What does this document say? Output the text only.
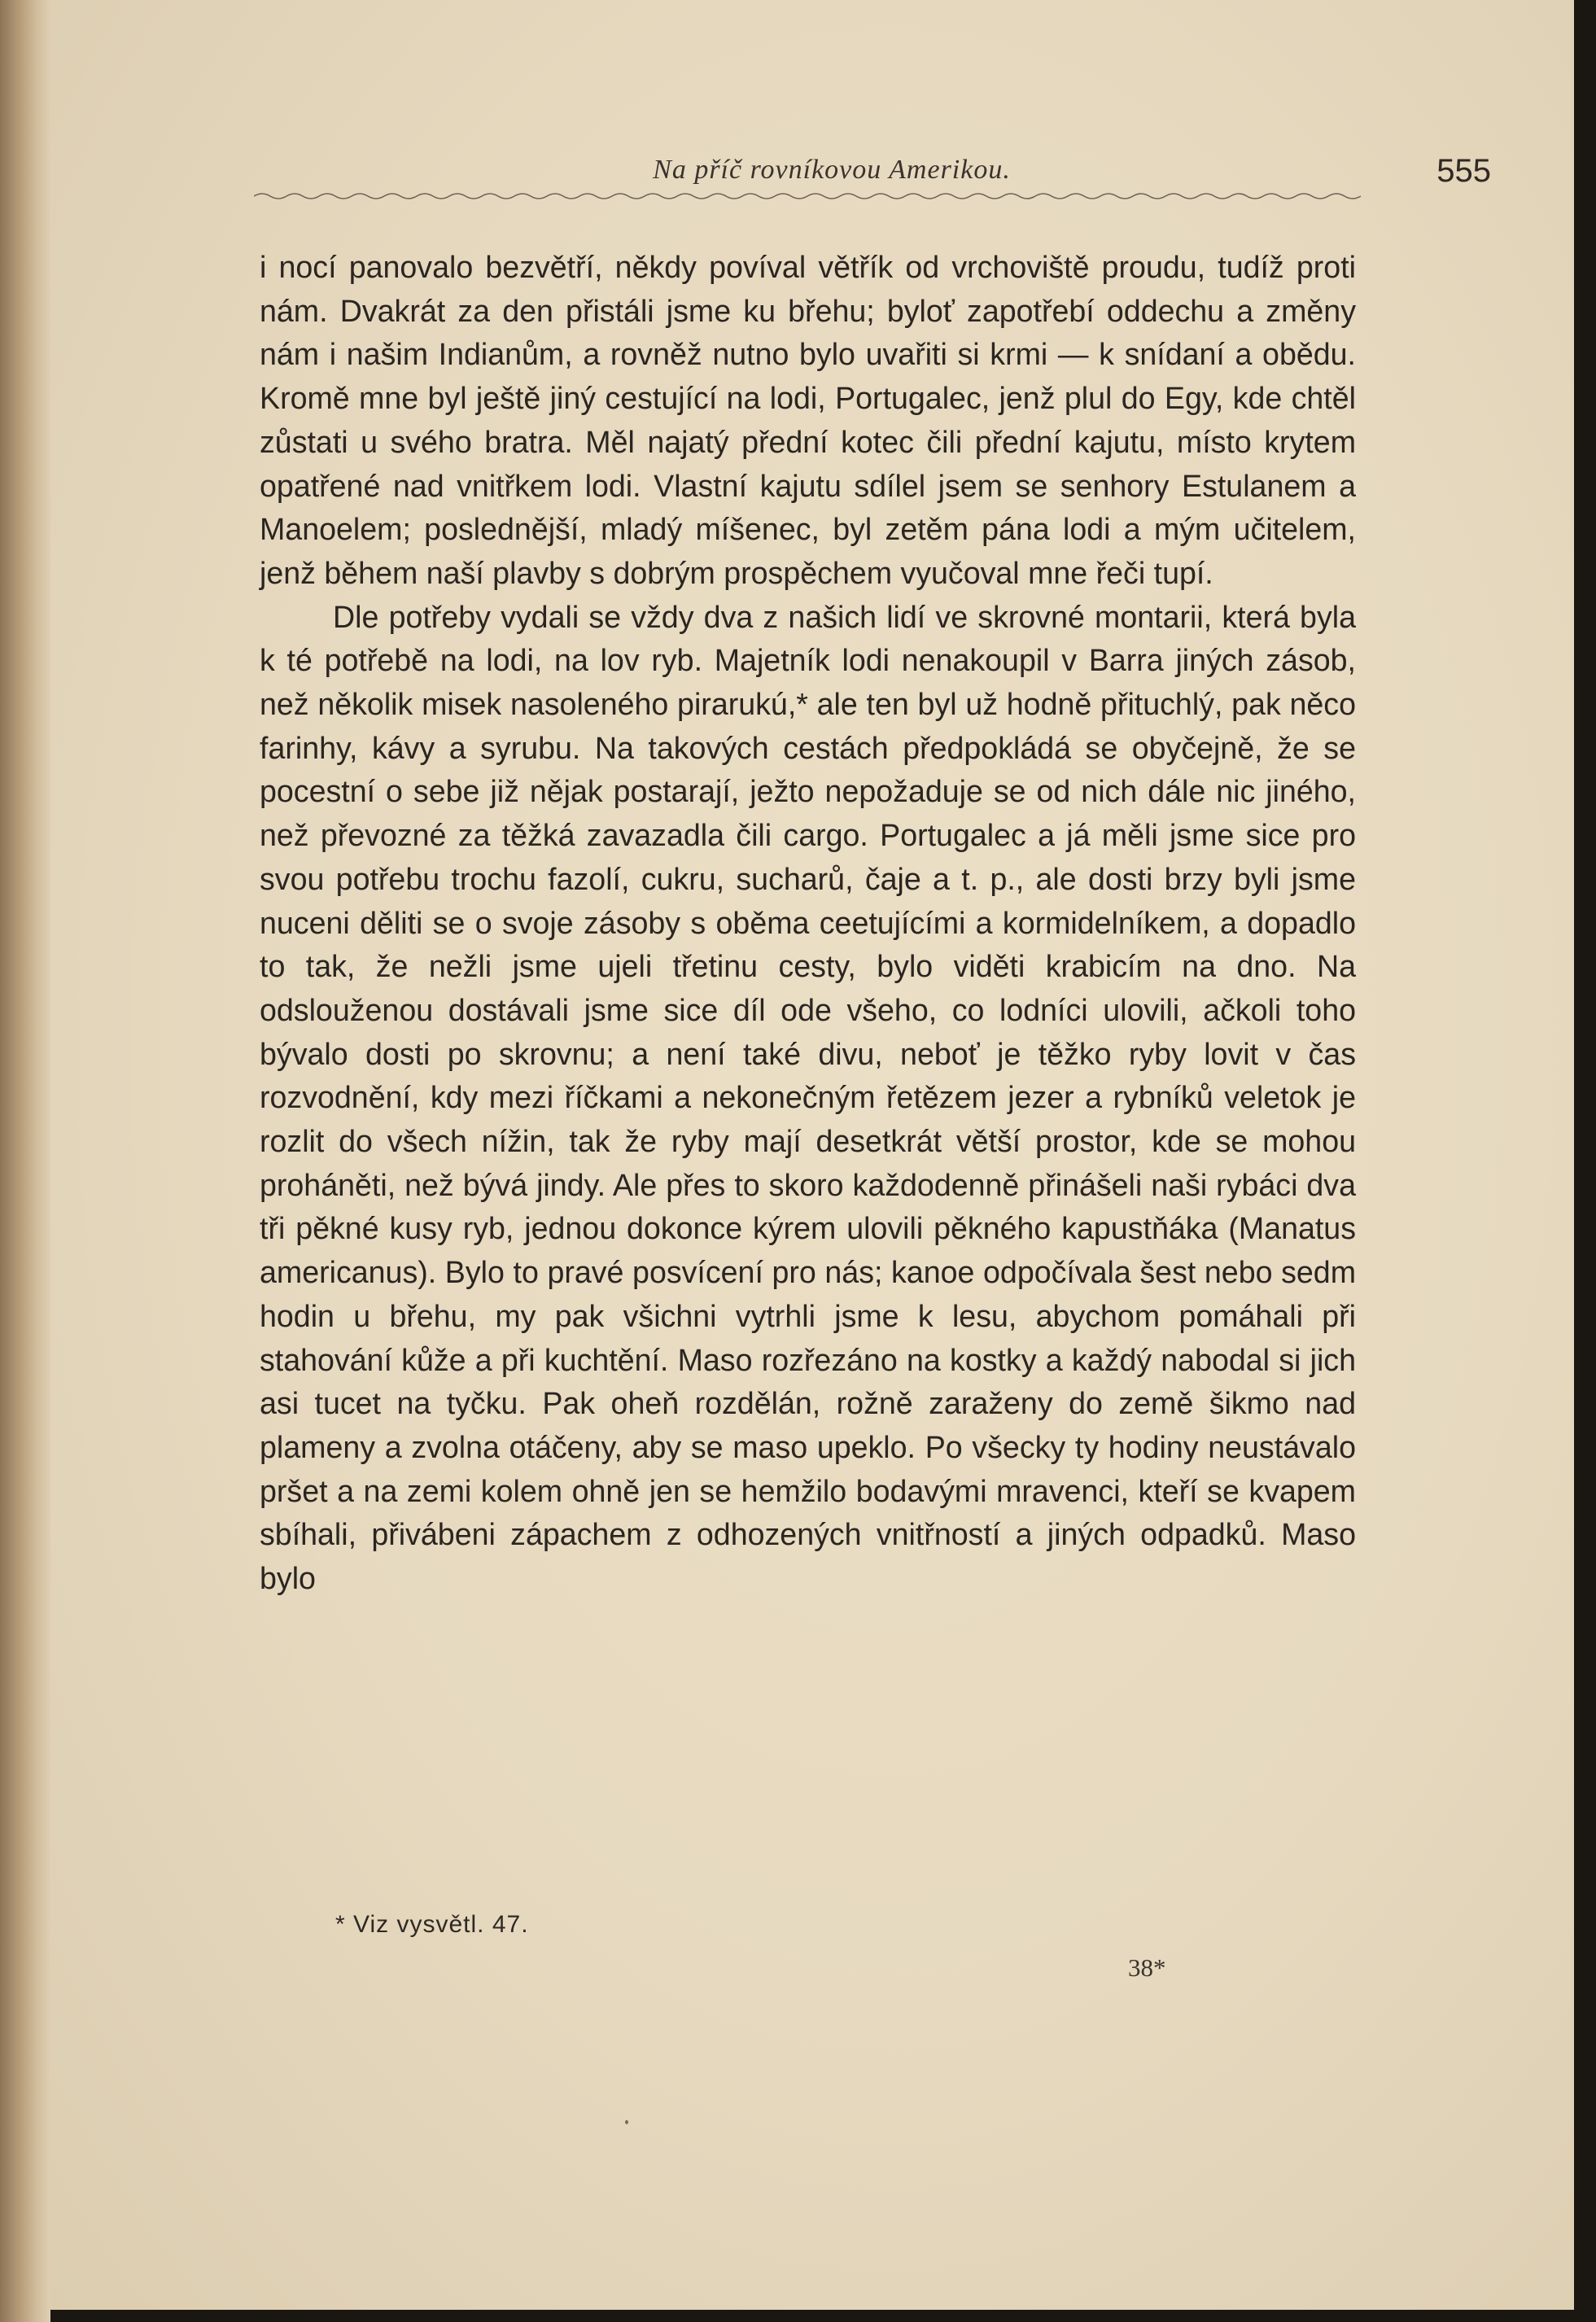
Na příč rovníkovou Amerikou.	555

i nocí panovalo bezvětří, někdy povíval větřík od vrchoviště proudu, tudíž proti nám. Dvakrát za den přistáli jsme ku břehu; byloť zapotřebí oddechu a změny nám i našim Indianům, a rovněž nutno bylo uvařiti si krmi — k snídaní a obědu. Kromě mne byl ještě jiný cestující na lodi, Portugalec, jenž plul do Egy, kde chtěl zůstati u svého bratra. Měl najatý přední kotec čili přední kajutu, místo krytem opatřené nad vnitřkem lodi. Vlastní kajutu sdílel jsem se senhory Estulanem a Manoelem; poslednější, mladý míšenec, byl zetěm pána lodi a mým učitelem, jenž během naší plavby s dobrým prospěchem vyučoval mne řeči tupí.

Dle potřeby vydali se vždy dva z našich lidí ve skrovné montarii, která byla k té potřebě na lodi, na lov ryb. Majetník lodi nenakoupil v Barra jiných zásob, než několik misek nasoleného pirarukú,* ale ten byl už hodně přituchlý, pak něco farinhy, kávy a syrubu. Na takových cestách předpokládá se obyčejně, že se pocestní o sebe již nějak postarají, ježto nepožaduje se od nich dále nic jiného, než převozné za těžká zavazadla čili cargo. Portugalec a já měli jsme sice pro svou potřebu trochu fazolí, cukru, sucharů, čaje a t. p., ale dosti brzy byli jsme nuceni děliti se o svoje zásoby s oběma ceetujícími a kormidelníkem, a dopadlo to tak, že nežli jsme ujeli třetinu cesty, bylo viděti krabicím na dno. Na odslouženou dostávali jsme sice díl ode všeho, co lodníci ulovili, ačkoli toho bývalo dosti po skrovnu; a není také divu, neboť je těžko ryby lovit v čas rozvodnění, kdy mezi říčkami a nekonečným řetězem jezer a rybníků veletok je rozlit do všech nížin, tak že ryby mají desetkrát větší prostor, kde se mohou proháněti, než bývá jindy. Ale přes to skoro každodenně přinášeli naši rybáci dva tři pěkné kusy ryb, jednou dokonce kýrem ulovili pěkného kapustňáka (Manatus americanus). Bylo to pravé posvícení pro nás; kanoe odpočívala šest nebo sedm hodin u břehu, my pak všichni vytrhli jsme k lesu, abychom pomáhali při stahování kůže a při kuchtění. Maso rozřezáno na kostky a každý nabodal si jich asi tucet na tyčku. Pak oheň rozdělán, rožně zaraženy do země šikmo nad plameny a zvolna otáčeny, aby se maso upeklo. Po všecky ty hodiny neustávalo pršet a na zemi kolem ohně jen se hemžilo bodavými mravenci, kteří se kvapem sbíhali, přivábeni zápachem z odhozených vnitřností a jiných odpadků. Maso bylo

* Viz vysvětl. 47.
38*
